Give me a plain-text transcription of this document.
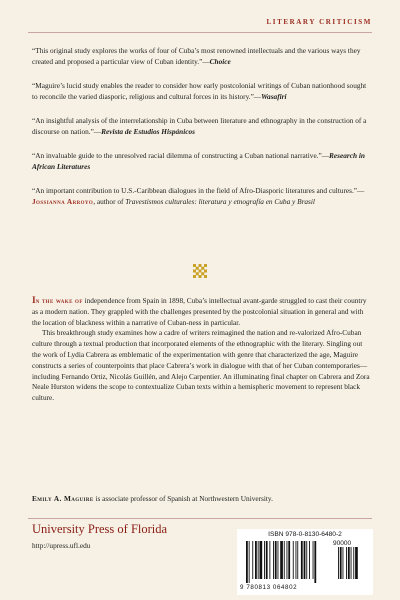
LITERARY CRITICISM

“This original study explores the works of four of Cuba’s most renowned intellectuals and the various ways they created and proposed a particular view of Cuban identity.”—Choice

“Maguire’s lucid study enables the reader to consider how early postcolonial writings of Cuban nationhood sought to reconcile the varied diasporic, religious and cultural forces in its history.”—Wasafiri

“An insightful analysis of the interrelationship in Cuba between literature and ethnography in the construction of a discourse on nation.”—Revista de Estudios Hispánicos

“An invaluable guide to the unresolved racial dilemma of constructing a Cuban national narrative.”—Research in African Literatures

“An important contribution to U.S.-Caribbean dialogues in the field of Afro-Diasporic literatures and cultures.”—Jossianna Arroyo, author of Travestismos culturales: literatura y etnografía en Cuba y Brasil

In the wake of independence from Spain in 1898, Cuba’s intellectual avant-garde struggled to cast their country as a modern nation. They grappled with the challenges presented by the postcolonial situation in general and with the location of blackness within a narrative of Cuban-ness in particular.

This breakthrough study examines how a cadre of writers reimagined the nation and re-valorized Afro-Cuban culture through a textual production that incorporated elements of the ethnographic with the literary. Singling out the work of Lydia Cabrera as emblematic of the experimentation with genre that characterized the age, Maguire constructs a series of counterpoints that place Cabrera’s work in dialogue with that of her Cuban contemporaries—including Fernando Ortiz, Nicolás Guillén, and Alejo Carpentier. An illuminating final chapter on Cabrera and Zora Neale Hurston widens the scope to contextualize Cuban texts within a hemispheric movement to represent black culture.

Emily A. Maguire is associate professor of Spanish at Northwestern University.
University Press of Florida
http://upress.ufl.edu
ISBN 978-0-8130-6480-2
90000
9 780813 064802
